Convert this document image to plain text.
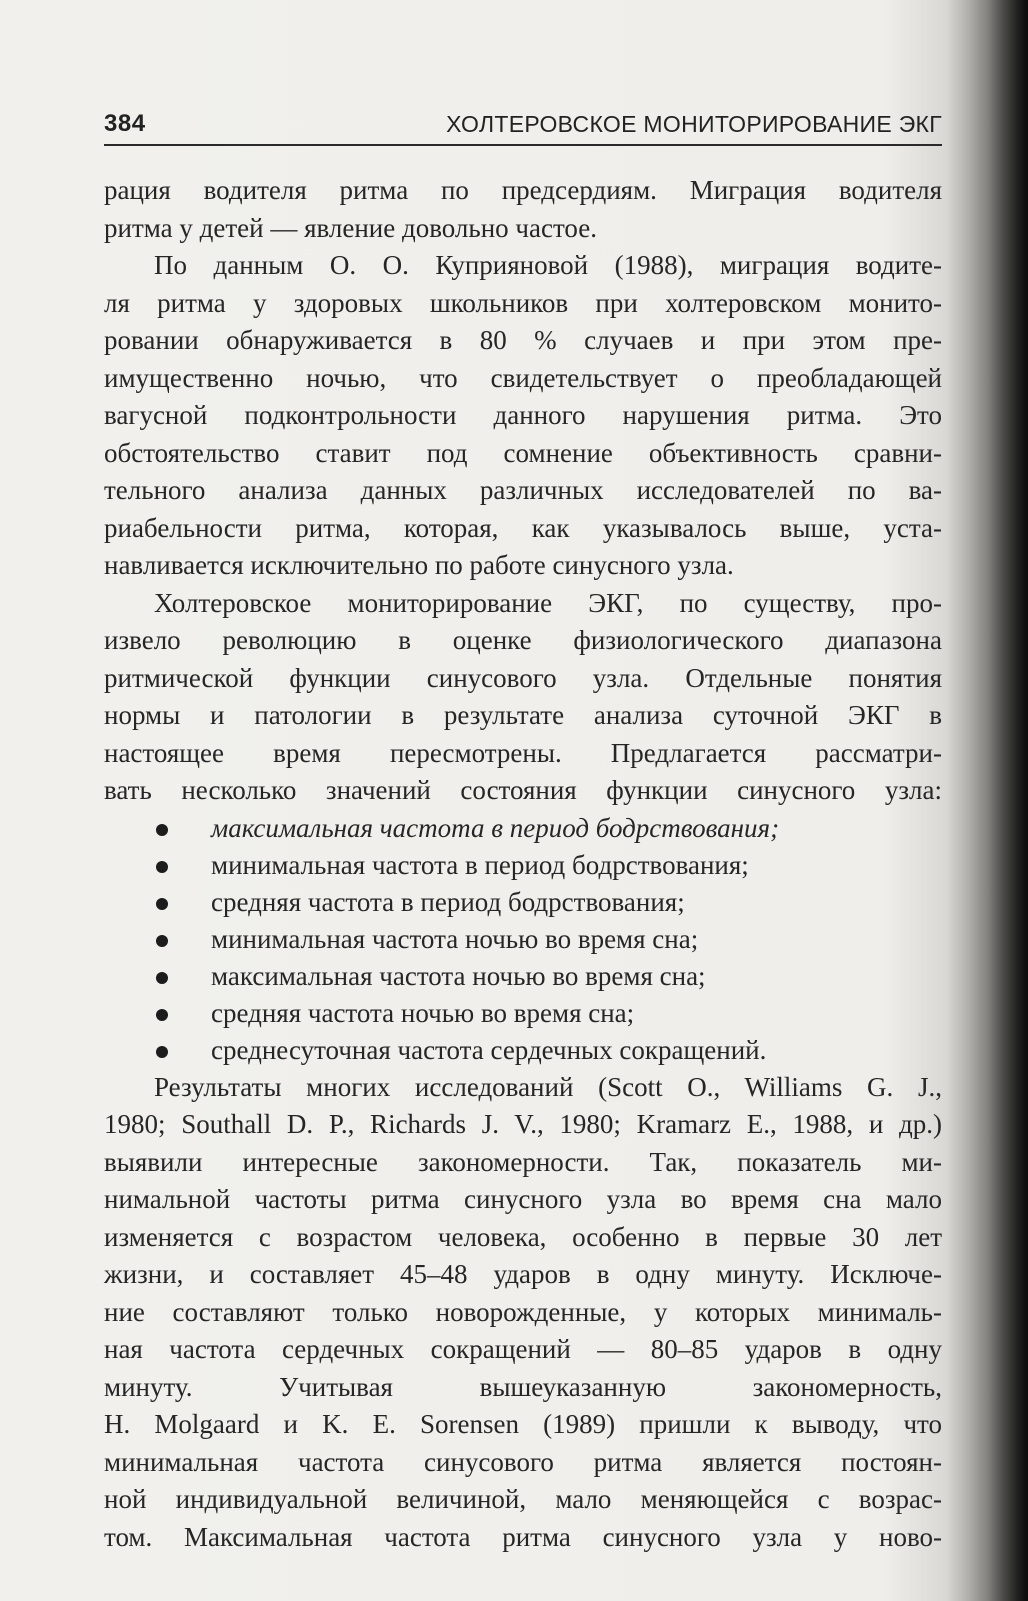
384	ХОЛТЕРОВСКОЕ МОНИТОРИРОВАНИЕ ЭКГ
рация водителя ритма по предсердиям. Миграция водителя
ритма у детей — явление довольно частое.
По данным О. О. Куприяновой (1988), миграция водите-
ля ритма у здоровых школьников при холтеровском монито-
ровании обнаруживается в 80 % случаев и при этом пре-
имущественно ночью, что свидетельствует о преобладающей
вагусной подконтрольности данного нарушения ритма. Это
обстоятельство ставит под сомнение объективность сравни-
тельного анализа данных различных исследователей по ва-
риабельности ритма, которая, как указывалось выше, уста-
навливается исключительно по работе синусного узла.
Холтеровское мониторирование ЭКГ, по существу, про-
извело революцию в оценке физиологического диапазона
ритмической функции синусового узла. Отдельные понятия
нормы и патологии в результате анализа суточной ЭКГ в
настоящее время пересмотрены. Предлагается рассматри-
вать несколько значений состояния функции синусного узла:
максимальная частота в период бодрствования;
минимальная частота в период бодрствования;
средняя частота в период бодрствования;
минимальная частота ночью во время сна;
максимальная частота ночью во время сна;
средняя частота ночью во время сна;
среднесуточная частота сердечных сокращений.
Результаты многих исследований (Scott O., Williams G. J.,
1980; Southall D. P., Richards J. V., 1980; Kramarz E., 1988, и др.)
выявили интересные закономерности. Так, показатель ми-
нимальной частоты ритма синусного узла во время сна мало
изменяется с возрастом человека, особенно в первые 30 лет
жизни, и составляет 45–48 ударов в одну минуту. Исключе-
ние составляют только новорожденные, у которых минималь-
ная частота сердечных сокращений — 80–85 ударов в одну
минуту. Учитывая вышеуказанную закономерность,
H. Molgaard и K. E. Sorensen (1989) пришли к выводу, что
минимальная частота синусового ритма является постоян-
ной индивидуальной величиной, мало меняющейся с возрас-
том. Максимальная частота ритма синусного узла у ново-
